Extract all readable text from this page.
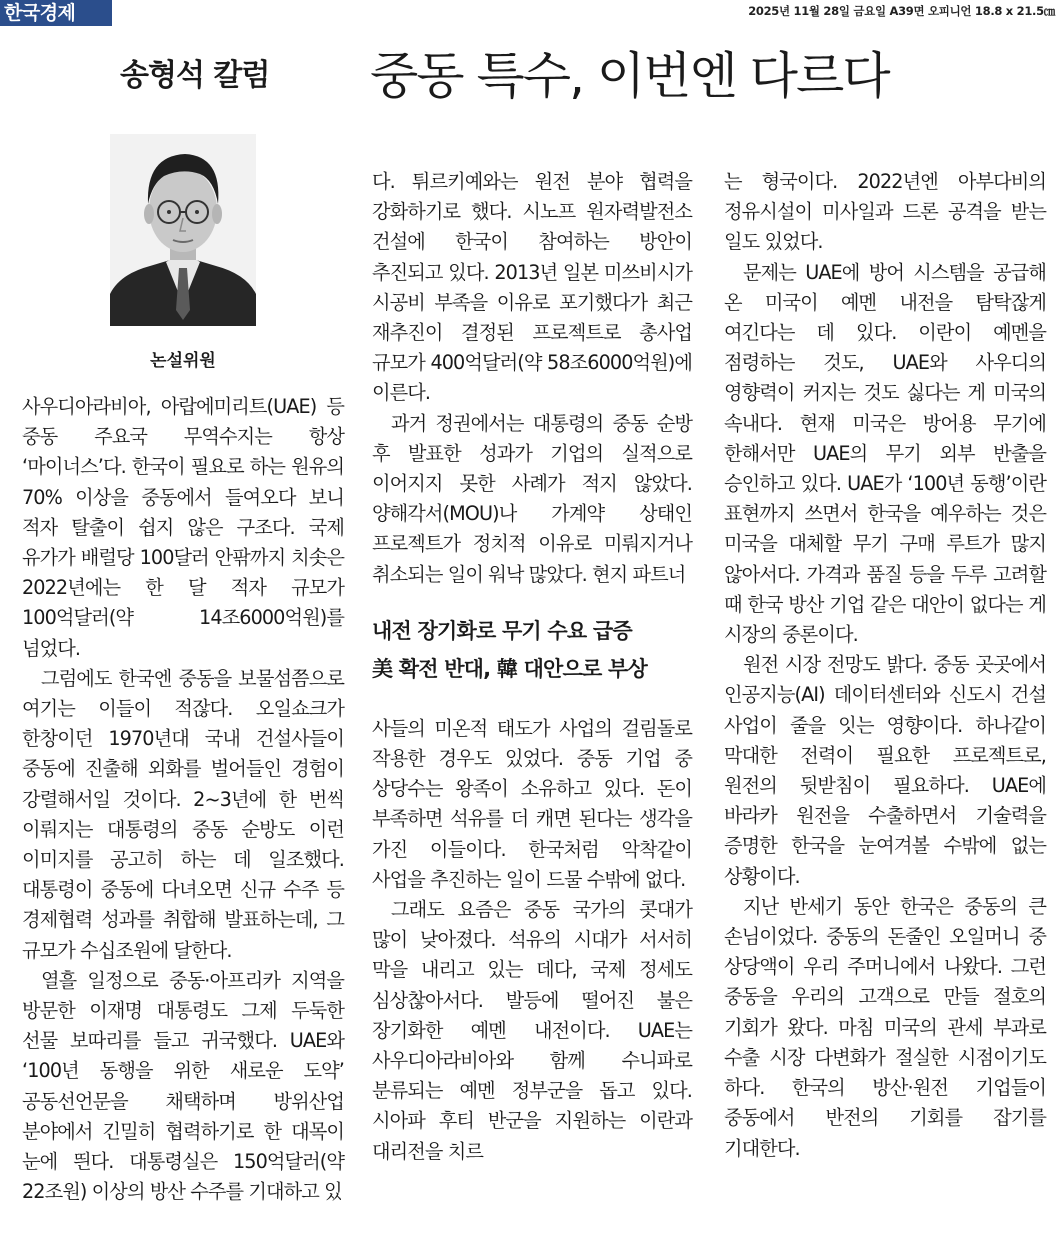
한국경제	2025년 11월 28일 금요일 A39면 오피니언 18.8 x 21.5㎝
송형석 칼럼 중동 특수, 이번엔 다르다
논설위원

사우디아라비아, 아랍에미리트(UAE) 등 중동 주요국 무역수지는 항상 ‘마이너스’다. 한국이 필요로 하는 원유의 70% 이상을 중동에서 들여오다 보니 적자 탈출이 쉽지 않은 구조다. 국제 유가가 배럴당 100달러 안팎까지 치솟은 2022년에는 한 달 적자 규모가 100억달러(약 14조6000억원)를 넘었다.

그럼에도 한국엔 중동을 보물섬쯤으로 여기는 이들이 적잖다. 오일쇼크가 한창이던 1970년대 국내 건설사들이 중동에 진출해 외화를 벌어들인 경험이 강렬해서일 것이다. 2~3년에 한 번씩 이뤄지는 대통령의 중동 순방도 이런 이미지를 공고히 하는 데 일조했다. 대통령이 중동에 다녀오면 신규 수주 등 경제협력 성과를 취합해 발표하는데, 그 규모가 수십조원에 달한다.

열흘 일정으로 중동·아프리카 지역을 방문한 이재명 대통령도 그제 두둑한 선물 보따리를 들고 귀국했다. UAE와 ‘100년 동행을 위한 새로운 도약’ 공동선언문을 채택하며 방위산업 분야에서 긴밀히 협력하기로 한 대목이 눈에 띈다. 대통령실은 150억달러(약 22조원) 이상의 방산 수주를 기대하고 있

다. 튀르키예와는 원전 분야 협력을 강화하기로 했다. 시노프 원자력발전소 건설에 한국이 참여하는 방안이 추진되고 있다. 2013년 일본 미쓰비시가 시공비 부족을 이유로 포기했다가 최근 재추진이 결정된 프로젝트로 총사업 규모가 400억달러(약 58조6000억원)에 이른다.

과거 정권에서는 대통령의 중동 순방 후 발표한 성과가 기업의 실적으로 이어지지 못한 사례가 적지 않았다. 양해각서(MOU)나 가계약 상태인 프로젝트가 정치적 이유로 미뤄지거나 취소되는 일이 워낙 많았다. 현지 파트너

내전 장기화로 무기 수요 급증
美 확전 반대, 韓 대안으로 부상

사들의 미온적 태도가 사업의 걸림돌로 작용한 경우도 있었다. 중동 기업 중 상당수는 왕족이 소유하고 있다. 돈이 부족하면 석유를 더 캐면 된다는 생각을 가진 이들이다. 한국처럼 악착같이 사업을 추진하는 일이 드물 수밖에 없다.

그래도 요즘은 중동 국가의 콧대가 많이 낮아졌다. 석유의 시대가 서서히 막을 내리고 있는 데다, 국제 정세도 심상찮아서다. 발등에 떨어진 불은 장기화한 예멘 내전이다. UAE는 사우디아라비아와 함께 수니파로 분류되는 예멘 정부군을 돕고 있다. 시아파 후티 반군을 지원하는 이란과 대리전을 치르

는 형국이다. 2022년엔 아부다비의 정유시설이 미사일과 드론 공격을 받는 일도 있었다.

문제는 UAE에 방어 시스템을 공급해 온 미국이 예멘 내전을 탐탁잖게 여긴다는 데 있다. 이란이 예멘을 점령하는 것도, UAE와 사우디의 영향력이 커지는 것도 싫다는 게 미국의 속내다. 현재 미국은 방어용 무기에 한해서만 UAE의 무기 외부 반출을 승인하고 있다. UAE가 ‘100년 동행’이란 표현까지 쓰면서 한국을 예우하는 것은 미국을 대체할 무기 구매 루트가 많지 않아서다. 가격과 품질 등을 두루 고려할 때 한국 방산 기업 같은 대안이 없다는 게 시장의 중론이다.

원전 시장 전망도 밝다. 중동 곳곳에서 인공지능(AI) 데이터센터와 신도시 건설 사업이 줄을 잇는 영향이다. 하나같이 막대한 전력이 필요한 프로젝트로, 원전의 뒷받침이 필요하다. UAE에 바라카 원전을 수출하면서 기술력을 증명한 한국을 눈여겨볼 수밖에 없는 상황이다.

지난 반세기 동안 한국은 중동의 큰 손님이었다. 중동의 돈줄인 오일머니 중 상당액이 우리 주머니에서 나왔다. 그런 중동을 우리의 고객으로 만들 절호의 기회가 왔다. 마침 미국의 관세 부과로 수출 시장 다변화가 절실한 시점이기도 하다. 한국의 방산·원전 기업들이 중동에서 반전의 기회를 잡기를 기대한다.
